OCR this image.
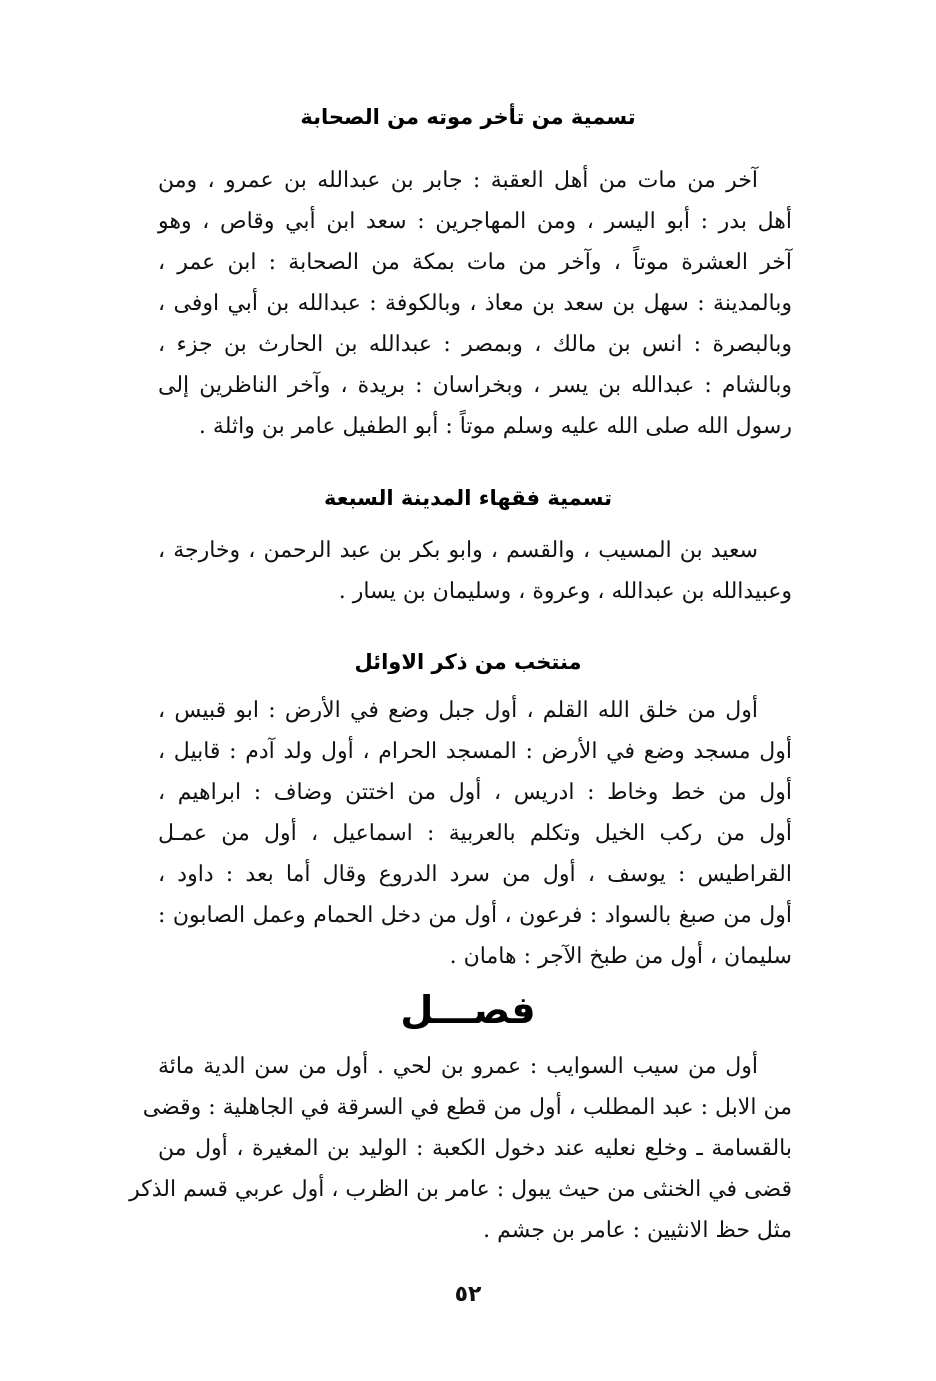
تسمية من تأخر موته من الصحابة
آخر من مات من أهل العقبة : جابر بن عبدالله بن عمرو ، ومن
أهل بدر : أبو اليسر ، ومن المهاجرين : سعد ابن أبي وقاص ، وهو
آخر العشرة موتاً ، وآخر من مات بمكة من الصحابة : ابن عمر ،
وبالمدينة : سهل بن سعد بن معاذ ، وبالكوفة : عبدالله بن أبي اوفى ،
وبالبصرة : انس بن مالك ، وبمصر : عبدالله بن الحارث بن جزء ،
وبالشام : عبدالله بن يسر ، وبخراسان : بريدة ، وآخر الناظرين إلى
رسول الله صلى الله عليه وسلم موتاً : أبو الطفيل عامر بن واثلة .
تسمية فقهاء المدينة السبعة
سعيد بن المسيب ، والقسم ، وابو بكر بن عبد الرحمن ، وخارجة ،
وعبيدالله بن عبدالله ، وعروة ، وسليمان بن يسار .
منتخب من ذكر الاوائل
أول من خلق الله القلم ، أول جبل وضع في الأرض : ابو قبيس ،
أول مسجد وضع في الأرض : المسجد الحرام ، أول ولد آدم : قابيل ،
أول من خط وخاط : ادريس ، أول من اختتن وضاف : ابراهيم ،
أول من ركب الخيل وتكلم بالعربية : اسماعيل ، أول من عمـل
القراطيس : يوسف ، أول من سرد الدروع وقال أما بعد : داود ،
أول من صبغ بالسواد : فرعون ، أول من دخل الحمام وعمل الصابون :
سليمان ، أول من طبخ الآجر : هامان .
فصـــل
أول من سيب السوايب : عمرو بن لحي . أول من سن الدية مائة
من الابل : عبد المطلب ، أول من قطع في السرقة في الجاهلية : وقضى
بالقسامة ـ وخلع نعليه عند دخول الكعبة : الوليد بن المغيرة ، أول من
قضى في الخنثى من حيث يبول : عامر بن الظرب ، أول عربي قسم الذكر
مثل حظ الانثيين : عامر بن جشم .
٥٢
